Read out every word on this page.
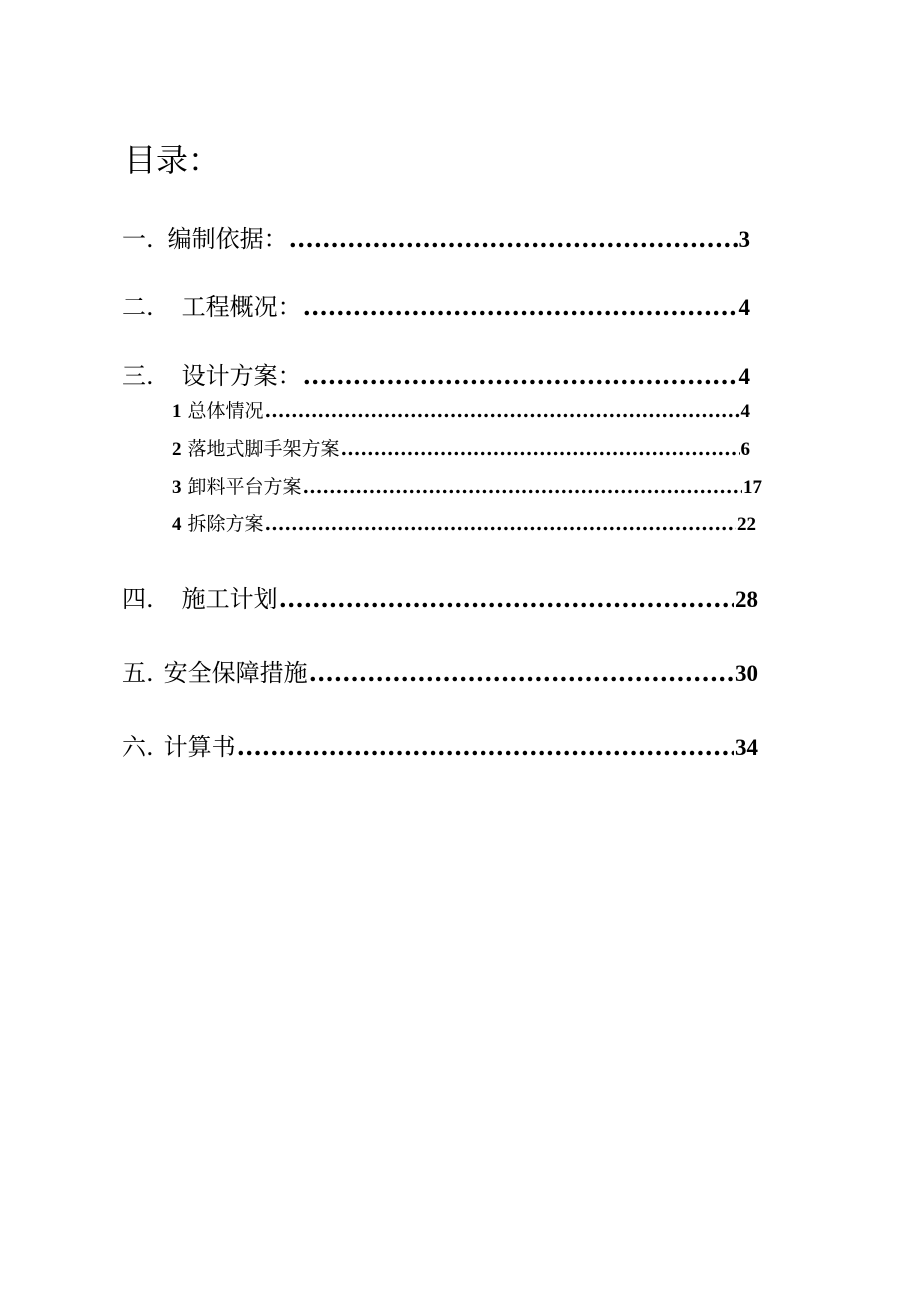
目录：
一. 编制依据： .....	3
二. 工程概况： .....	4
三. 设计方案： .....	4
1 总体情况 .....	4
2 落地式脚手架方案 .....	6
3 卸料平台方案 .....	17
4 拆除方案 .....	22
四. 施工计划 .....	28
五. 安全保障措施 .....	30
六. 计算书 .....	34
